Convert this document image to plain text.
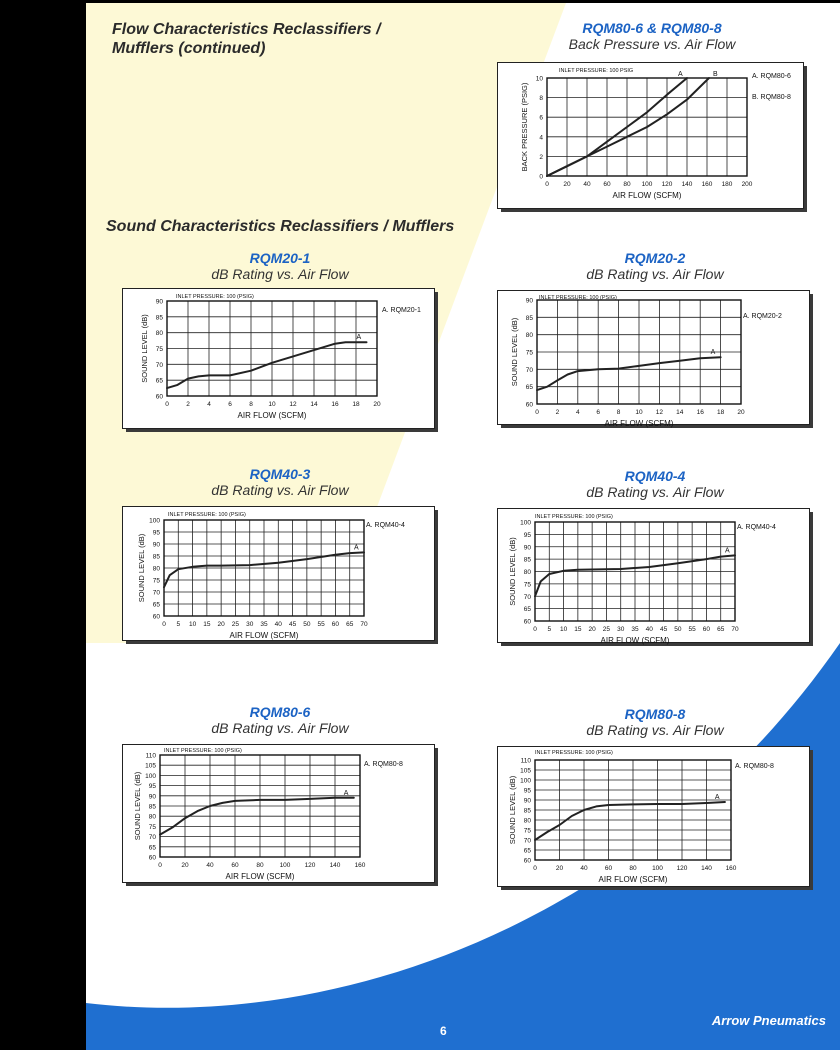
Flow Characteristics Reclassifiers /
Mufflers (continued)
Sound Characteristics Reclassifiers / Mufflers
RQM80-6 & RQM80-8
Back Pressure vs. Air Flow
0 20 40 60 80 100 120 140 160 180 200
0
2
4
6
8
10
AIR FLOW (SCFM)
BACK PRESSURE (PSIG)
INLET PRESSURE: 100 PSIG
A. RQM80-6
B. RQM80-8
A	B
RQM20-1
dB Rating vs. Air Flow
0	2	4	6	8 10 12 14 16 18 20
60
65
70
75
80
85
90
AIR FLOW (SCFM)
SOUND LEVEL (dB)
INLET PRESSURE: 100 (PSIG)
A. RQM20-1
A
RQM20-2
dB Rating vs. Air Flow
0	2	4	6	8 10 12 14 16 18 20
60
65
70
75
80
85
90
AIR FLOW (SCFM)
SOUND LEVEL (dB)
INLET PRESSURE: 100 (PSIG)
A. RQM20-2
A
RQM40-3
dB Rating vs. Air Flow
0 5 10 15 20 25 30 35 40 45 50 55 60 65 70
60
65
70
75
80
85
90
95
100
AIR FLOW (SCFM)
SOUND LEVEL (dB)
INLET PRESSURE: 100 (PSIG)
A. RQM40-4
A
RQM40-4
dB Rating vs. Air Flow
0 5 10 15 20 25 30 35 40 45 50 55 60 65 70
60
65
70
75
80
85
90
95
100
AIR FLOW (SCFM)
SOUND LEVEL (dB)
INLET PRESSURE: 100 (PSIG)
A. RQM40-4
A
RQM80-6
dB Rating vs. Air Flow
0	20	40	60	80 100 120 140 160
60
65
70
75
80
85
90
95
100
105
110
AIR FLOW (SCFM)
SOUND LEVEL (dB)
INLET PRESSURE: 100 (PSIG)
A. RQM80-8
A
RQM80-8
dB Rating vs. Air Flow
0	20	40	60	80 100 120 140 160
60
65
70
75
80
85
90
95
100
105
110
AIR FLOW (SCFM)
SOUND LEVEL (dB)
INLET PRESSURE: 100 (PSIG)
A. RQM80-8
A
6
Arrow Pneumatics
